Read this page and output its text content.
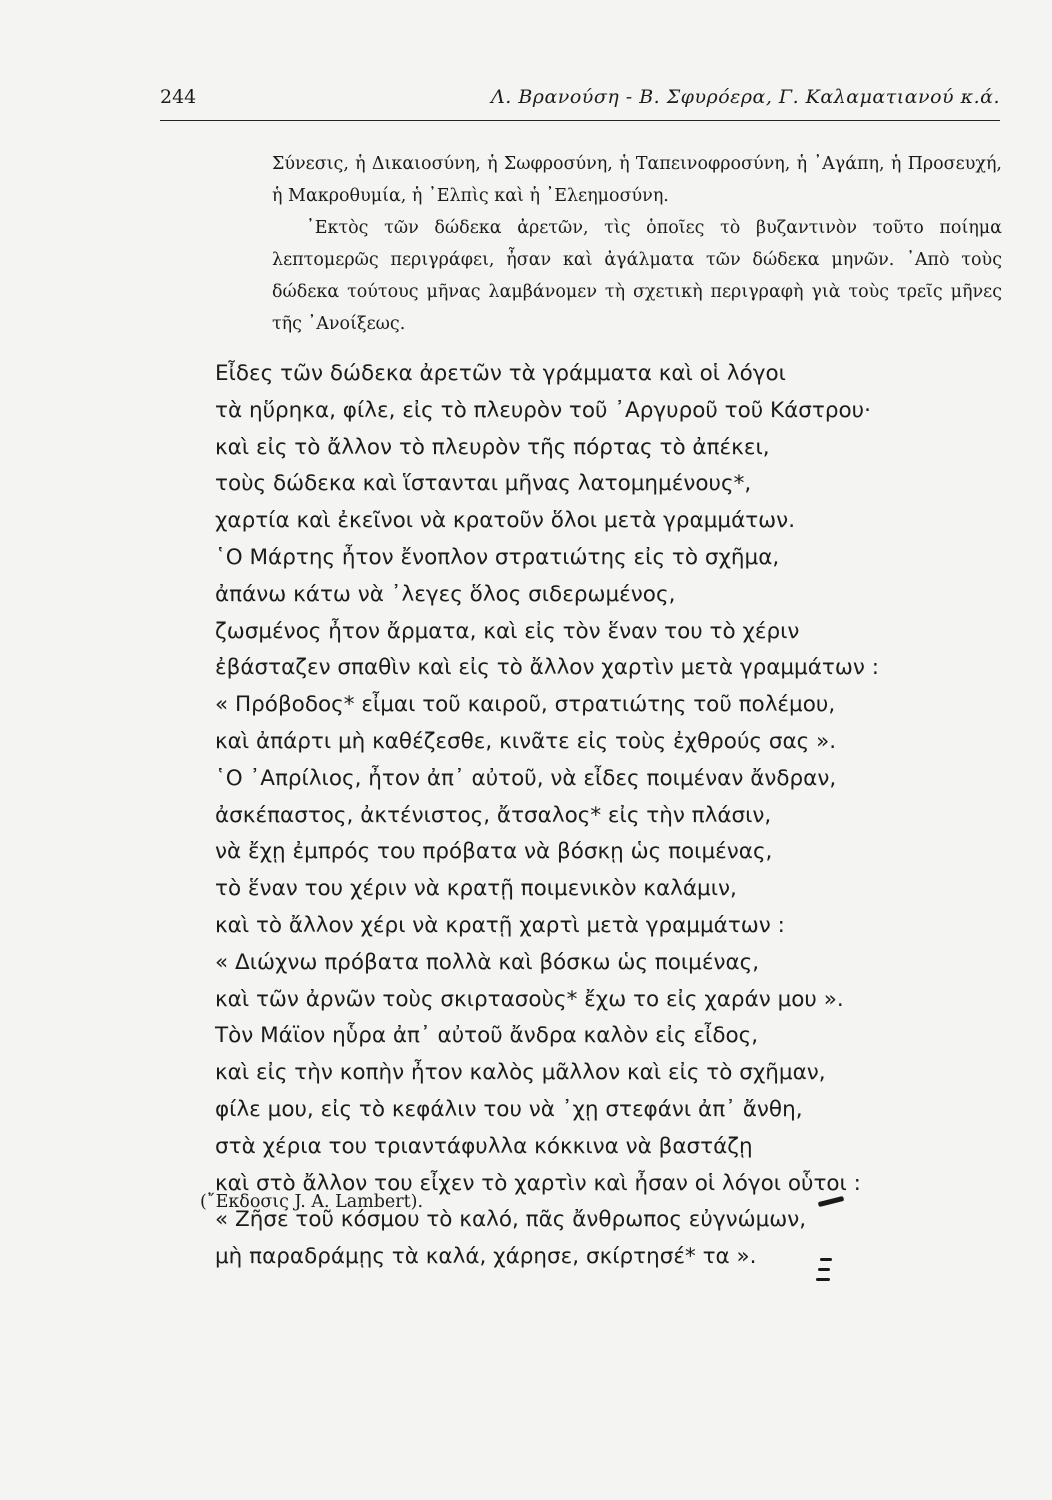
244	Λ. Βρανούση - Β. Σφυρόερα, Γ. Καλαματιανού κ.ά.

Σύνεσις, ἡ Δικαιοσύνη, ἡ Σωφροσύνη, ἡ Ταπεινοφροσύνη, ἡ ᾿Αγάπη, ἡ Προσευχή, ἡ Μακροθυμία, ἡ ᾿Ελπὶς καὶ ἡ ᾿Ελεημοσύνη.

᾿Εκτὸς τῶν δώδεκα ἀρετῶν, τὶς ὁποῖες τὸ βυζαντινὸν τοῦτο ποίημα λεπτομερῶς περιγράφει, ἦσαν καὶ ἀγάλματα τῶν δώδεκα μηνῶν. ᾿Απὸ τοὺς δώδεκα τούτους μῆνας λαμβάνομεν τὴ σχετικὴ περιγραφὴ γιὰ τοὺς τρεῖς μῆνες τῆς ᾿Ανοίξεως.

Εἶδες τῶν δώδεκα ἀρετῶν τὰ γράμματα καὶ οἱ λόγοι
τὰ ηὕρηκα, φίλε, εἰς τὸ πλευρὸν τοῦ ᾿Αργυροῦ τοῦ Κάστρου·
καὶ εἰς τὸ ἄλλον τὸ πλευρὸν τῆς πόρτας τὸ ἀπέκει,
τοὺς δώδεκα καὶ ἵστανται μῆνας λατομημένους*,
χαρτία καὶ ἐκεῖνοι νὰ κρατοῦν ὅλοι μετὰ γραμμάτων.
῾Ο Μάρτης ἦτον ἔνοπλον στρατιώτης εἰς τὸ σχῆμα,
ἀπάνω κάτω νὰ ᾿λεγες ὅλος σιδερωμένος,
ζωσμένος ἦτον ἄρματα, καὶ εἰς τὸν ἕναν του τὸ χέριν
ἐβάσταζεν σπαθὶν καὶ εἰς τὸ ἄλλον χαρτὶν μετὰ γραμμάτων :
« Πρόβοδος* εἶμαι τοῦ καιροῦ, στρατιώτης τοῦ πολέμου,
καὶ ἀπάρτι μὴ καθέζεσθε, κινᾶτε εἰς τοὺς ἐχθρούς σας ».
῾Ο ᾿Απρίλιος, ἦτον ἀπ᾿ αὐτοῦ, νὰ εἶδες ποιμέναν ἄνδραν,
ἀσκέπαστος, ἀκτένιστος, ἄτσαλος* εἰς τὴν πλάσιν,
νὰ ἔχῃ ἐμπρός του πρόβατα νὰ βόσκῃ ὡς ποιμένας,
τὸ ἕναν του χέριν νὰ κρατῇ ποιμενικὸν καλάμιν,
καὶ τὸ ἄλλον χέρι νὰ κρατῇ χαρτὶ μετὰ γραμμάτων :
« Διώχνω πρόβατα πολλὰ καὶ βόσκω ὡς ποιμένας,
καὶ τῶν ἀρνῶν τοὺς σκιρτασοὺς* ἔχω το εἰς χαράν μου ».
Τὸν Μάϊον ηὗρα ἀπ᾿ αὐτοῦ ἄνδρα καλὸν εἰς εἶδος,
καὶ εἰς τὴν κοπὴν ἦτον καλὸς μᾶλλον καὶ εἰς τὸ σχῆμαν,
φίλε μου, εἰς τὸ κεφάλιν του νὰ ᾿χῃ στεφάνι ἀπ᾿ ἄνθη,
στὰ χέρια του τριαντάφυλλα κόκκινα νὰ βαστάζῃ
καὶ στὸ ἄλλον του εἶχεν τὸ χαρτὶν καὶ ἦσαν οἱ λόγοι οὗτοι :
« Ζῆσε τοῦ κόσμου τὸ καλό, πᾶς ἄνθρωπος εὐγνώμων,
μὴ παραδράμῃς τὰ καλά, χάρησε, σκίρτησέ* τα ».
(῎Εκδοσις J. A. Lambert).
